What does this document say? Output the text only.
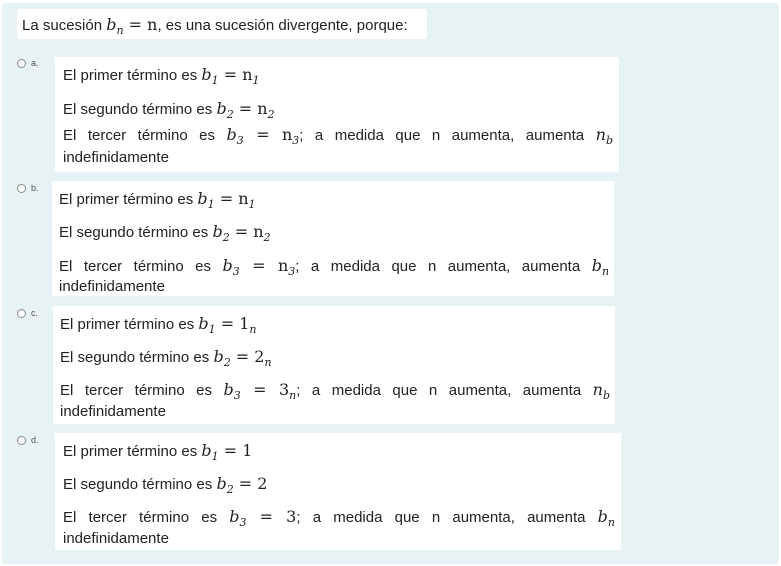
La sucesión $b_n = n$, es una sucesión divergente, porque:
a.
El primer término es $b_1 = n_1$
El segundo término es $b_2 = n_2$
El tercer término es $b_3 = n_3$; a medida que n aumenta, aumenta $n_b$
indefinidamente
b.
El primer término es $b_1 = n_1$
El segundo término es $b_2 = n_2$
El tercer término es $b_3 = n_3$; a medida que n aumenta, aumenta $b_n$
indefinidamente
c.
El primer término es $b_1 = 1_n$
El segundo término es $b_2 = 2_n$
El tercer término es $b_3 = 3_n$; a medida que n aumenta, aumenta $n_b$
indefinidamente
d.
El primer término es $b_1 = 1$
El segundo término es $b_2 = 2$
El tercer término es $b_3 = 3$; a medida que n aumenta, aumenta $b_n$
indefinidamente
